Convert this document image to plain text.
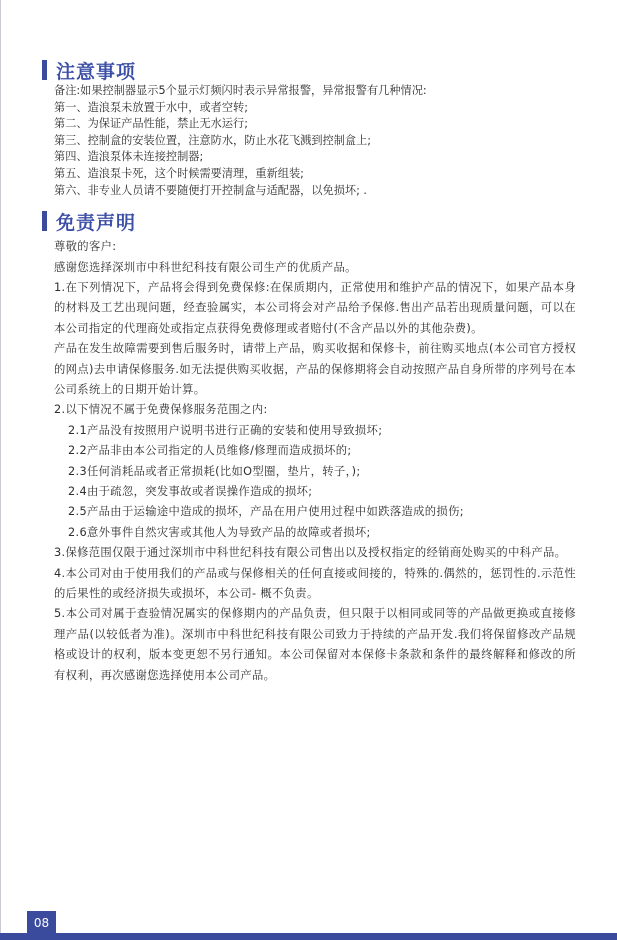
注意事项
备注:如果控制器显示5个显示灯频闪时表示异常报警，异常报警有几种情况:
第一、造浪泵未放置于水中，或者空转;
第二、为保证产品性能，禁止无水运行;
第三、控制盒的安装位置，注意防水，防止水花飞溅到控制盒上;
第四、造浪泵体未连接控制器;
第五、造浪泵卡死，这个时候需要清理，重新组装;
第六、非专业人员请不要随便打开控制盒与适配器，以免损坏; .
免责声明
尊敬的客户:
感谢您选择深圳市中科世纪科技有限公司生产的优质产品。
1.在下列情况下，产品将会得到免费保修:在保质期内，正常使用和维护产品的情况下，如果产品本身的材料及工艺出现问题，经查验属实，本公司将会对产品给予保修.售出产品若出现质量问题，可以在本公司指定的代理商处或指定点获得免费修理或者赔付(不含产品以外的其他杂费)。
产品在发生故障需要到售后服务时，请带上产品，购买收据和保修卡，前往购买地点(本公司官方授权的网点)去申请保修服务.如无法提供购买收据，产品的保修期将会自动按照产品自身所带的序列号在本公司系统上的日期开始计算。
2.以下情况不属于免费保修服务范围之内:
2.1产品没有按照用户说明书进行正确的安装和使用导致损坏;
2.2产品非由本公司指定的人员维修/修理而造成损坏的;
2.3任何消耗品或者正常损耗(比如O型圈，垫片，转子，);
2.4由于疏忽，突发事故或者误操作造成的损坏;
2.5产品由于运输途中造成的损坏，产品在用户使用过程中如跌落造成的损伤;
2.6意外事件自然灾害或其他人为导致产品的故障或者损坏;
3.保修范围仅限于通过深圳市中科世纪科技有限公司售出以及授权指定的经销商处购买的中科产品。
4.本公司对由于使用我们的产品或与保修相关的任何直接或间接的，特殊的.偶然的，惩罚性的.示范性的后果性的或经济损失或损坏，本公司- 概不负责。
5.本公司对属于查验情况属实的保修期内的产品负责，但只限于以相同或同等的产品做更换或直接修理产品(以较低者为准)。深圳市中科世纪科技有限公司致力于持续的产品开发.我们将保留修改产品规格或设计的权利，版本变更恕不另行通知。本公司保留对本保修卡条款和条件的最终解释和修改的所有权利，再次感谢您选择使用本公司产品。
08
